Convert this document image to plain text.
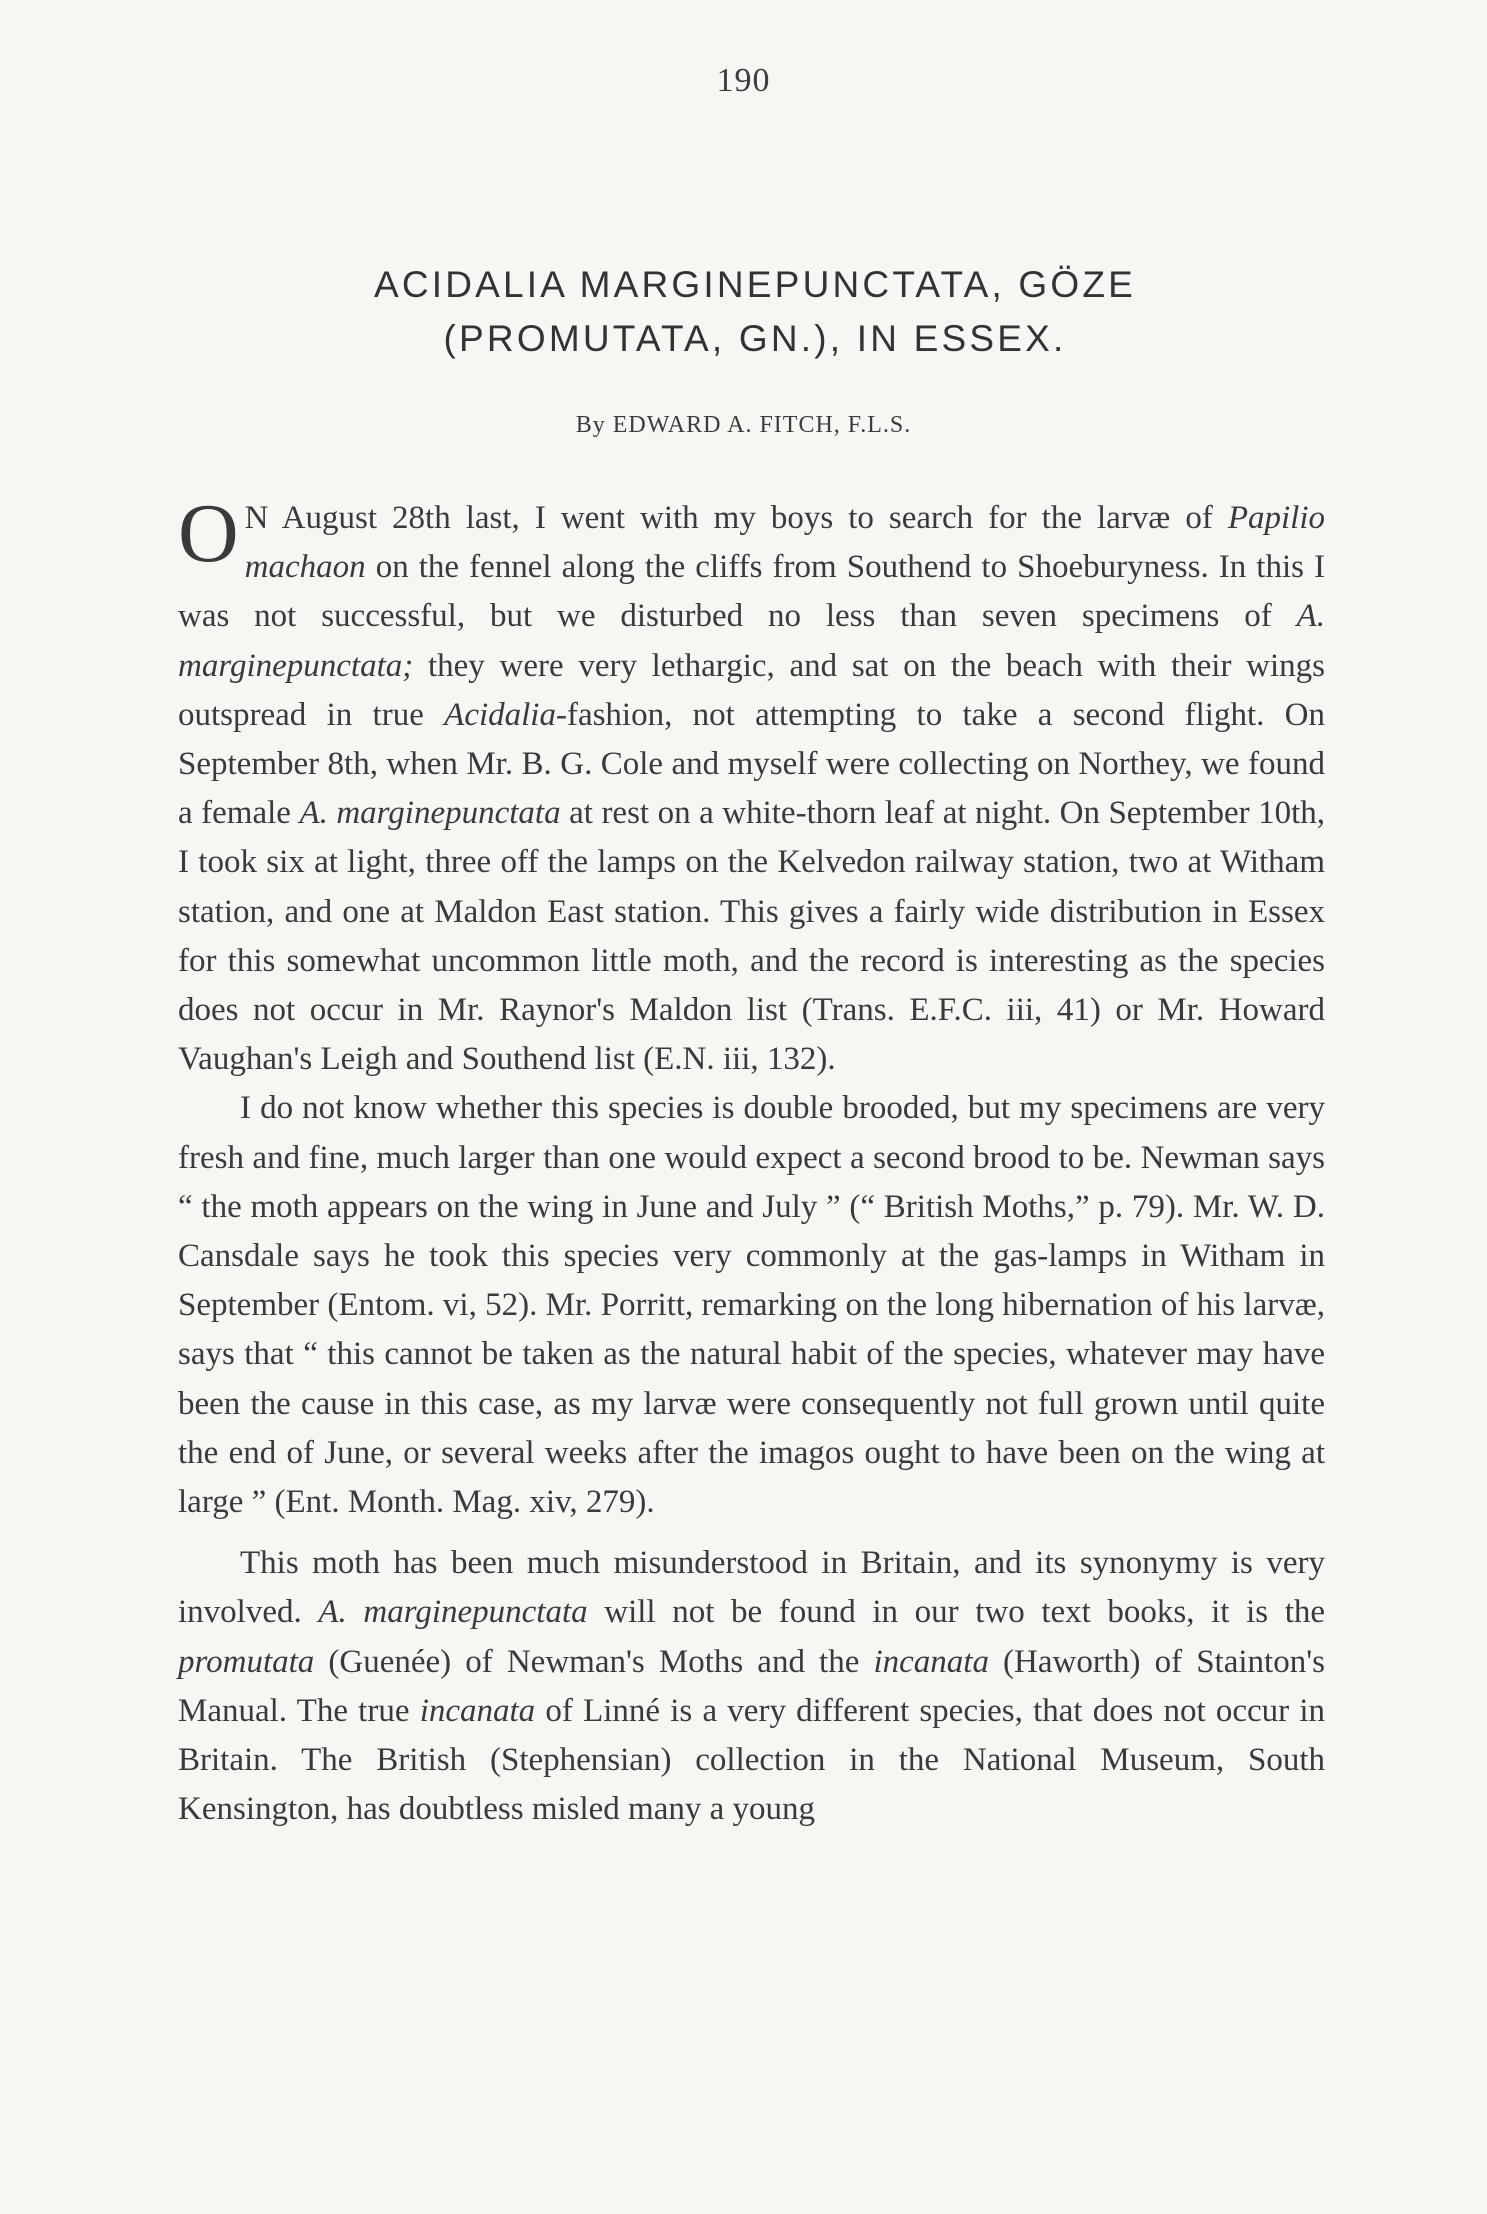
190
ACIDALIA MARGINEPUNCTATA, GÖZE
(PROMUTATA, GN.), IN ESSEX.
By EDWARD A. FITCH, F.L.S.

O N August 28th last, I went with my boys to search for the larvæ of Papilio machaon on the fennel along the cliffs from Southend to Shoeburyness. In this I was not successful, but we disturbed no less than seven specimens of A. marginepunctata; they were very lethargic, and sat on the beach with their wings outspread in true Acidalia-fashion, not attempting to take a second flight. On September 8th, when Mr. B. G. Cole and myself were collecting on Northey, we found a female A. marginepunctata at rest on a white-thorn leaf at night. On September 10th, I took six at light, three off the lamps on the Kelvedon railway station, two at Witham station, and one at Maldon East station. This gives a fairly wide distribution in Essex for this somewhat uncommon little moth, and the record is interesting as the species does not occur in Mr. Raynor's Maldon list (Trans. E.F.C. iii, 41) or Mr. Howard Vaughan's Leigh and Southend list (E.N. iii, 132).

I do not know whether this species is double brooded, but my specimens are very fresh and fine, much larger than one would expect a second brood to be. Newman says “ the moth appears on the wing in June and July ” (“ British Moths,” p. 79). Mr. W. D. Cansdale says he took this species very commonly at the gas-lamps in Witham in September (Entom. vi, 52). Mr. Porritt, remarking on the long hibernation of his larvæ, says that “ this cannot be taken as the natural habit of the species, whatever may have been the cause in this case, as my larvæ were consequently not full grown until quite the end of June, or several weeks after the imagos ought to have been on the wing at large ” (Ent. Month. Mag. xiv, 279).

This moth has been much misunderstood in Britain, and its synonymy is very involved. A. marginepunctata will not be found in our two text books, it is the promutata (Guenée) of Newman's Moths and the incanata (Haworth) of Stainton's Manual. The true incanata of Linné is a very different species, that does not occur in Britain. The British (Stephensian) collection in the National Museum, South Kensington, has doubtless misled many a young
